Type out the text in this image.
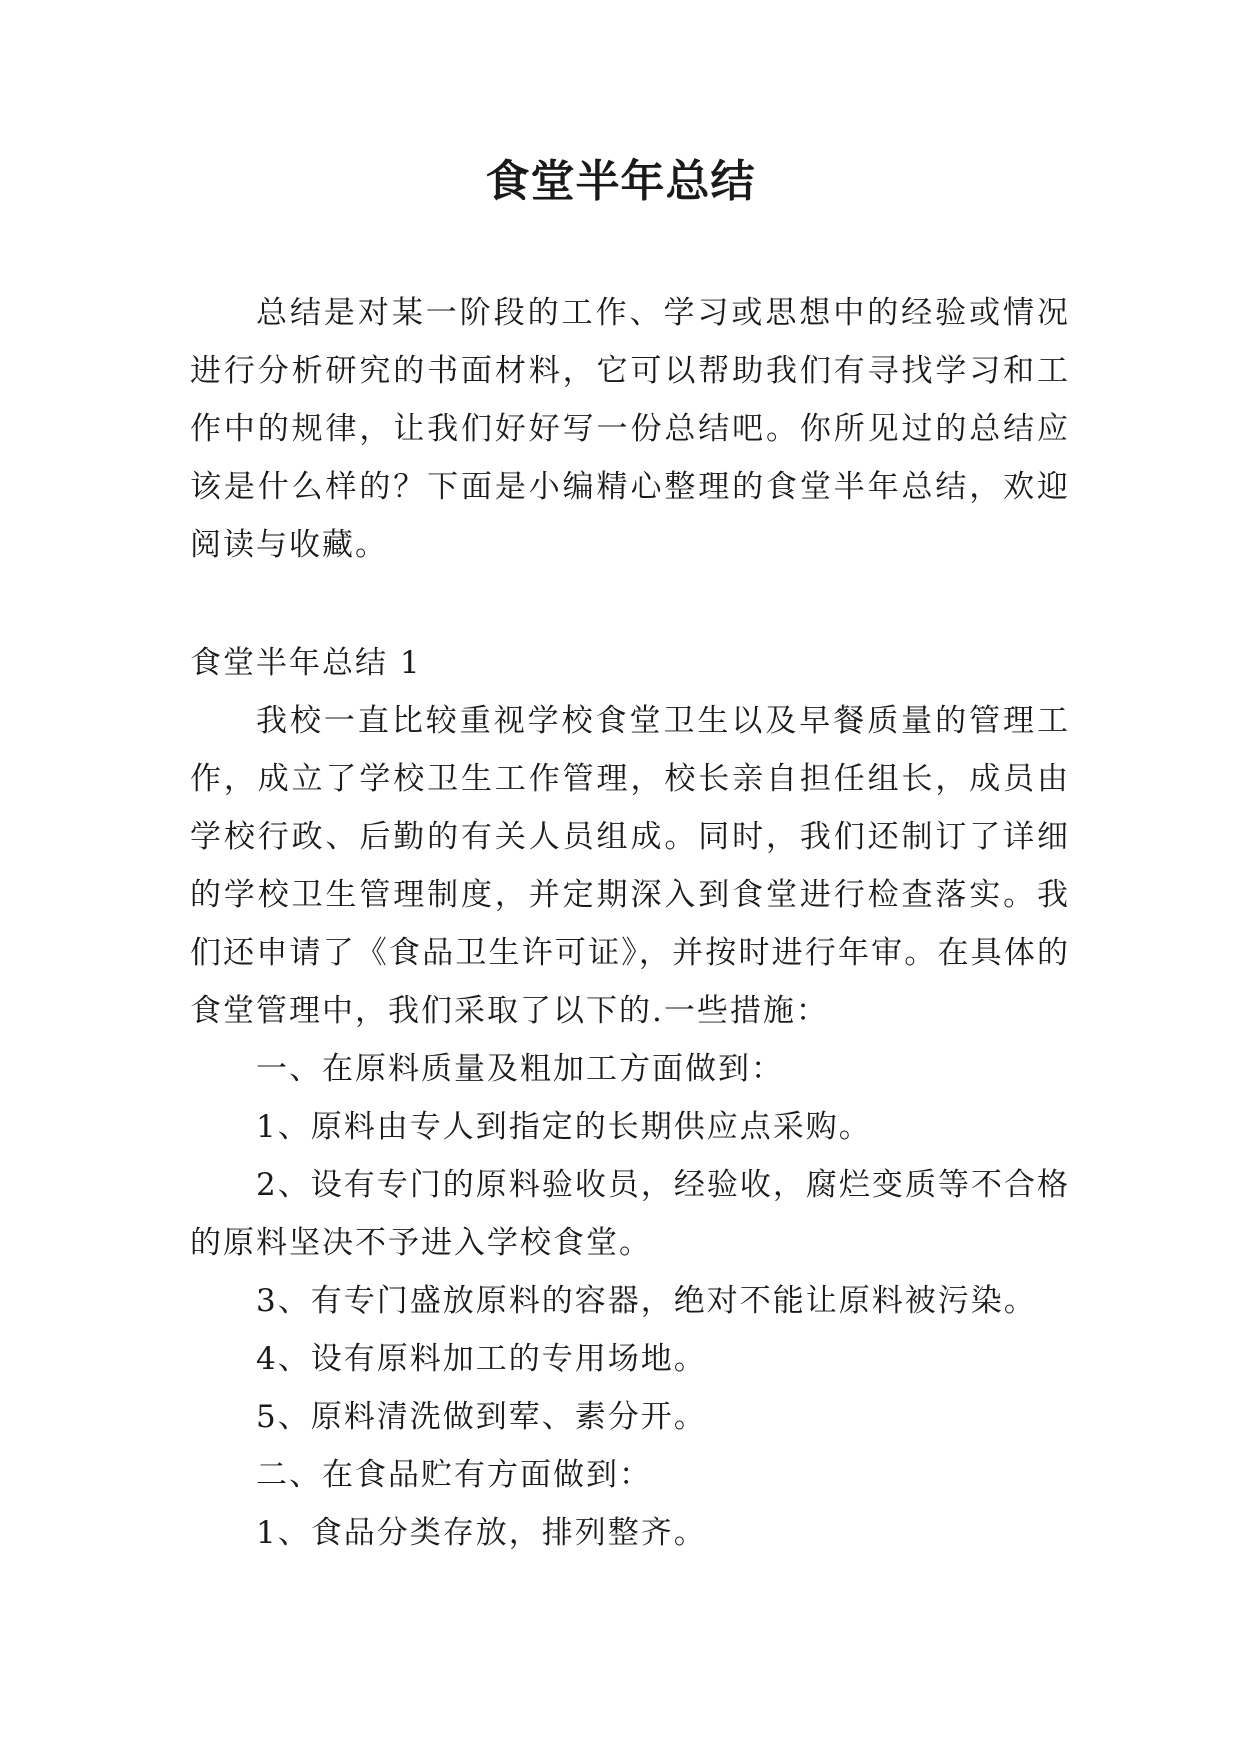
食堂半年总结

总结是对某一阶段的工作、学习或思想中的经验或情况进行分析研究的书面材料，它可以帮助我们有寻找学习和工作中的规律，让我们好好写一份总结吧。你所见过的总结应该是什么样的？下面是小编精心整理的食堂半年总结，欢迎阅读与收藏。

食堂半年总结 1

我校一直比较重视学校食堂卫生以及早餐质量的管理工作，成立了学校卫生工作管理，校长亲自担任组长，成员由学校行政、后勤的有关人员组成。同时，我们还制订了详细的学校卫生管理制度，并定期深入到食堂进行检查落实。我们还申请了《食品卫生许可证》，并按时进行年审。在具体的食堂管理中，我们采取了以下的.一些措施：

一、在原料质量及粗加工方面做到：

1、原料由专人到指定的长期供应点采购。

2、设有专门的原料验收员，经验收，腐烂变质等不合格的原料坚决不予进入学校食堂。

3、有专门盛放原料的容器，绝对不能让原料被污染。

4、设有原料加工的专用场地。

5、原料清洗做到荤、素分开。

二、在食品贮有方面做到：

1、食品分类存放，排列整齐。
